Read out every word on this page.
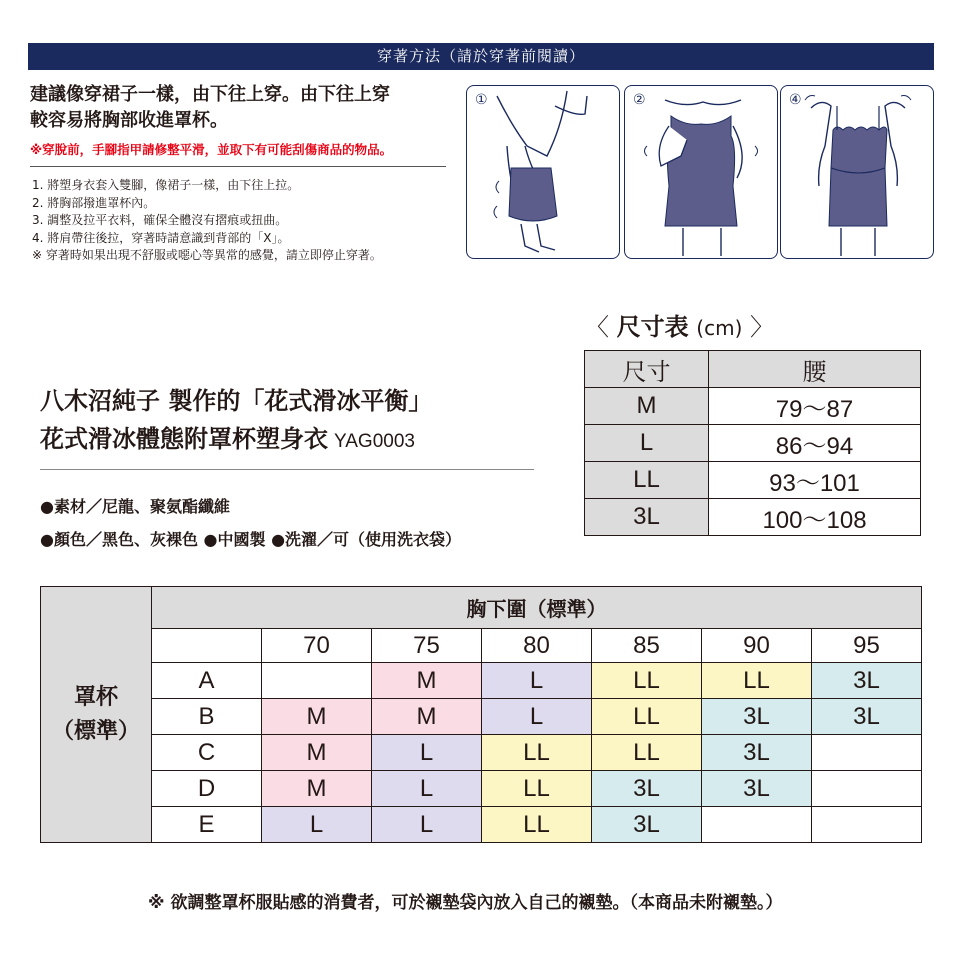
穿著方法（請於穿著前閱讀）
建議像穿裙子一樣，由下往上穿。由下往上穿
較容易將胸部收進罩杯。
※穿脫前，手腳指甲請修整平滑，並取下有可能刮傷商品的物品。
1. 將塑身衣套入雙腳，像裙子一樣，由下往上拉。
2. 將胸部撥進罩杯內。
3. 調整及拉平衣料，確保全體沒有摺痕或扭曲。
4. 將肩帶往後拉，穿著時請意識到背部的「X」。
※ 穿著時如果出現不舒服或噁心等異常的感覺，請立即停止穿著。
①	②	④
〈 尺寸表 (cm) 〉
尺寸	腰
M	79～87
L	86～94
LL	93～101
3L	100～108
八木沼純子 製作的「花式滑冰平衡」
花式滑冰體態附罩杯塑身衣 YAG0003
●素材／尼龍、聚氨酯纖維
●顏色／黑色、灰裸色 ●中國製 ●洗濯／可（使用洗衣袋）
罩杯
（標準）	胸下圍（標準）						
		70	75	80	85	90	95
	A		M	L	LL	LL	3L
	B	M	M	L	LL	3L	3L
	C	M	L	LL	LL	3L	
	D	M	L	LL	3L	3L	
	E	L	L	LL	3L		
※ 欲調整罩杯服貼感的消費者，可於襯墊袋內放入自己的襯墊。（本商品未附襯墊。）
